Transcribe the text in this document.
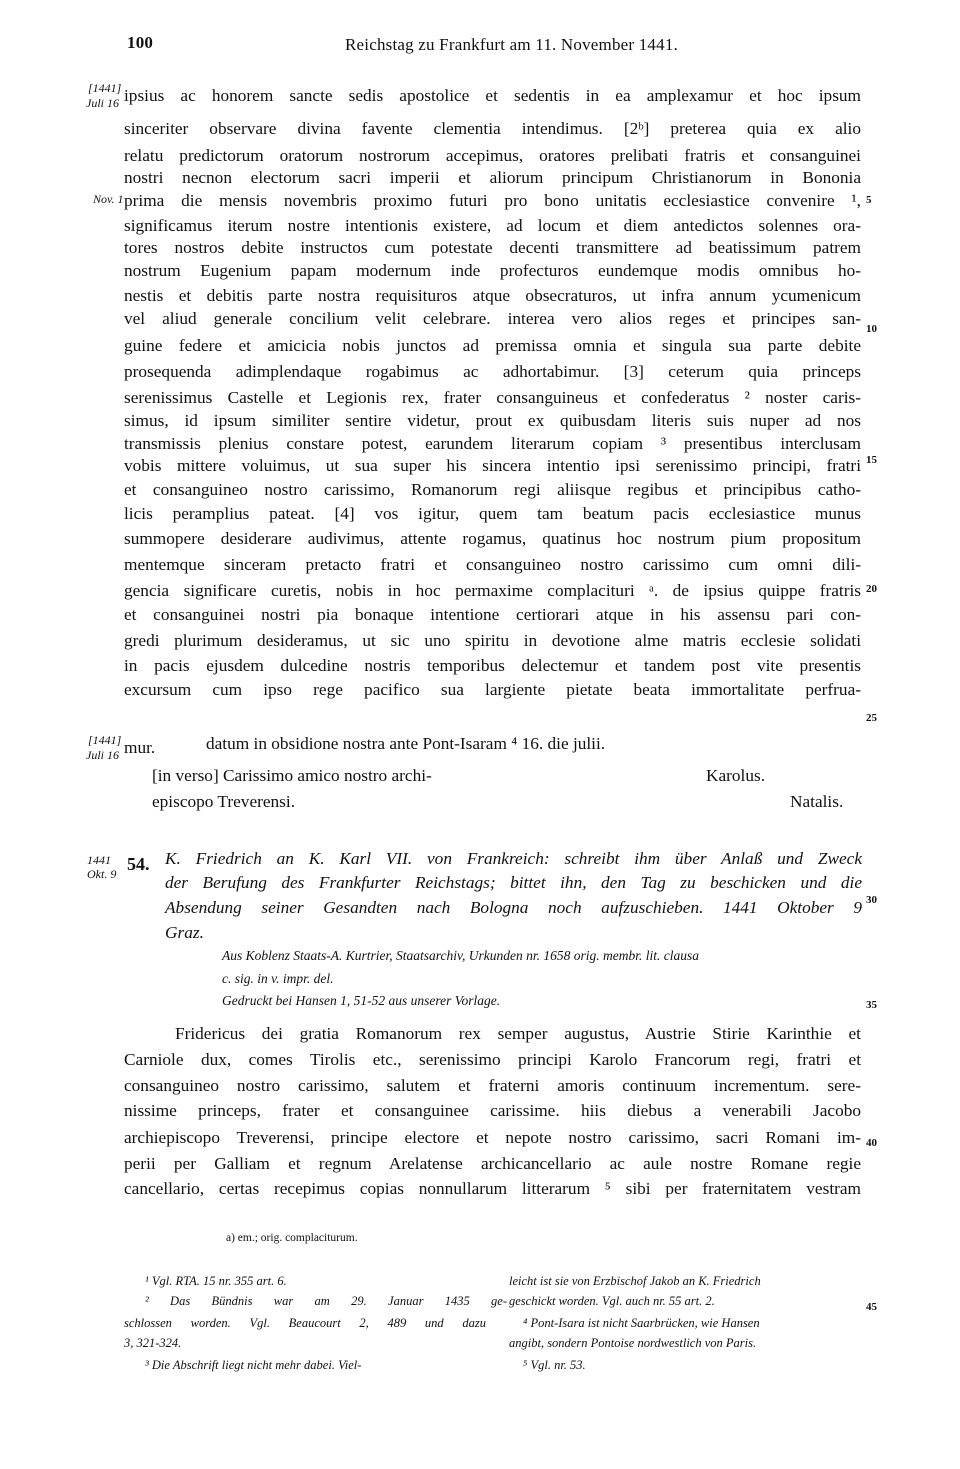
100	Reichstag zu Frankfurt am 11. November 1441.
[1441]
Juli 16
Nov. 1
[1441]
Juli 16
1441
Okt. 9
5
10
15
20
25
30
35
40
45
ipsius ac honorem sancte sedis apostolice et sedentis in ea amplexamur et hoc ipsum
sinceriter observare divina favente clementia intendimus. [2ᵇ] preterea quia ex alio
relatu predictorum oratorum nostrorum accepimus, oratores prelibati fratris et consanguinei
nostri necnon electorum sacri imperii et aliorum principum Christianorum in Bononia
prima die mensis novembris proximo futuri pro bono unitatis ecclesiastice convenire ¹,
significamus iterum nostre intentionis existere, ad locum et diem antedictos solennes ora-
tores nostros debite instructos cum potestate decenti transmittere ad beatissimum patrem
nostrum Eugenium papam modernum inde profecturos eundemque modis omnibus ho-
nestis et debitis parte nostra requisituros atque obsecraturos, ut infra annum ycumenicum
vel aliud generale concilium velit celebrare. interea vero alios reges et principes san-
guine federe et amicicia nobis junctos ad premissa omnia et singula sua parte debite
prosequenda adimplendaque rogabimus ac adhortabimur. [3] ceterum quia princeps
serenissimus Castelle et Legionis rex, frater consanguineus et confederatus ² noster caris-
simus, id ipsum similiter sentire videtur, prout ex quibusdam literis suis nuper ad nos
transmissis plenius constare potest, earundem literarum copiam ³ presentibus interclusam
vobis mittere voluimus, ut sua super his sincera intentio ipsi serenissimo principi, fratri
et consanguineo nostro carissimo, Romanorum regi aliisque regibus et principibus catho-
licis peramplius pateat. [4] vos igitur, quem tam beatum pacis ecclesiastice munus
summopere desiderare audivimus, attente rogamus, quatinus hoc nostrum pium propositum
mentemque sinceram pretacto fratri et consanguineo nostro carissimo cum omni dili-
gencia significare curetis, nobis in hoc permaxime complacituri ᵃ. de ipsius quippe fratris
et consanguinei nostri pia bonaque intentione certiorari atque in his assensu pari con-
gredi plurimum desideramus, ut sic uno spiritu in devotione alme matris ecclesie solidati
in pacis ejusdem dulcedine nostris temporibus delectemur et tandem post vite presentis
excursum cum ipso rege pacifico sua largiente pietate beata immortalitate perfrua-
mur.	datum in obsidione nostra ante Pont-Isaram ⁴ 16. die julii.
[in verso] Carissimo amico nostro archi-
episcopo Treverensi.
Karolus.
Natalis.
54. K. Friedrich an K. Karl VII. von Frankreich: schreibt ihm über Anlaß und Zweck
der Berufung des Frankfurter Reichstags; bittet ihn, den Tag zu beschicken und die
Absendung seiner Gesandten nach Bologna noch aufzuschieben. 1441 Oktober 9
Graz.
Aus Koblenz Staats-A. Kurtrier, Staatsarchiv, Urkunden nr. 1658 orig. membr. lit. clausa
c. sig. in v. impr. del.
Gedruckt bei Hansen 1, 51-52 aus unserer Vorlage.
Fridericus dei gratia Romanorum rex semper augustus, Austrie Stirie Karinthie et
Carniole dux, comes Tirolis etc., serenissimo principi Karolo Francorum regi, fratri et
consanguineo nostro carissimo, salutem et fraterni amoris continuum incrementum. sere-
nissime princeps, frater et consanguinee carissime. hiis diebus a venerabili Jacobo
archiepiscopo Treverensi, principe electore et nepote nostro carissimo, sacri Romani im-
perii per Galliam et regnum Arelatense archicancellario ac aule nostre Romane regie
cancellario, certas recepimus copias nonnullarum litterarum ⁵ sibi per fraternitatem vestram
a) em.; orig. complaciturum.
¹ Vgl. RTA. 15 nr. 355 art. 6.
² Das Bündnis war am 29. Januar 1435 ge-
schlossen worden. Vgl. Beaucourt 2, 489 und dazu
3, 321-324.
³ Die Abschrift liegt nicht mehr dabei. Viel-
leicht ist sie von Erzbischof Jakob an K. Friedrich
geschickt worden. Vgl. auch nr. 55 art. 2.
⁴ Pont-Isara ist nicht Saarbrücken, wie Hansen
angibt, sondern Pontoise nordwestlich von Paris.
⁵ Vgl. nr. 53.
